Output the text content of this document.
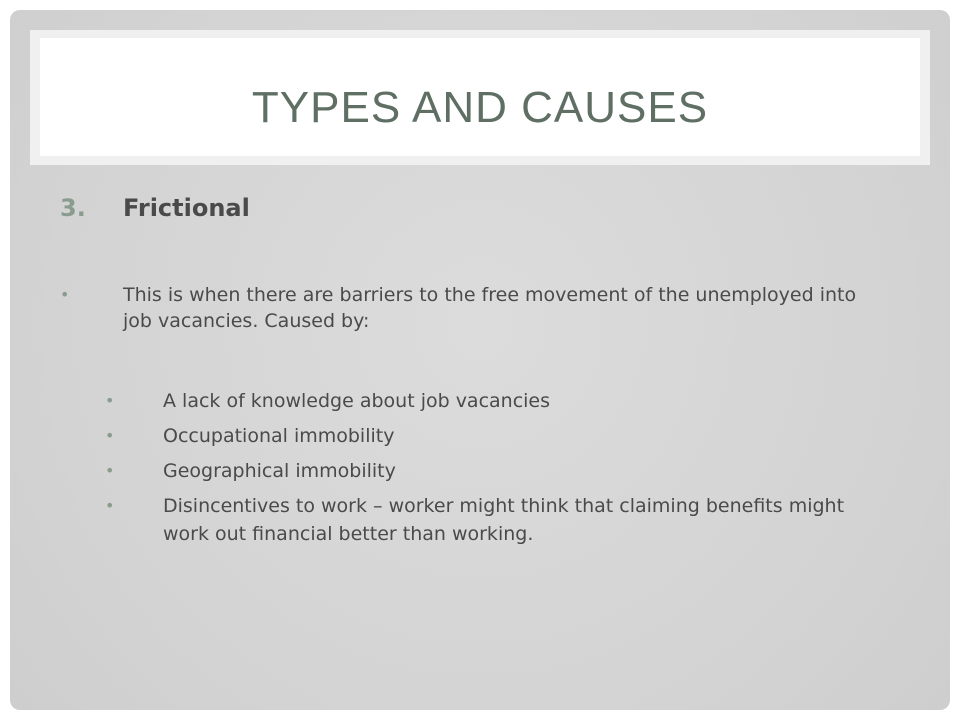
TYPES AND CAUSES
3. Frictional
•	This is when there are barriers to the free movement of the unemployed into job vacancies. Caused by:
•	A lack of knowledge about job vacancies
•	Occupational immobility
•	Geographical immobility
•	Disincentives to work – worker might think that claiming benefits might work out financial better than working.
